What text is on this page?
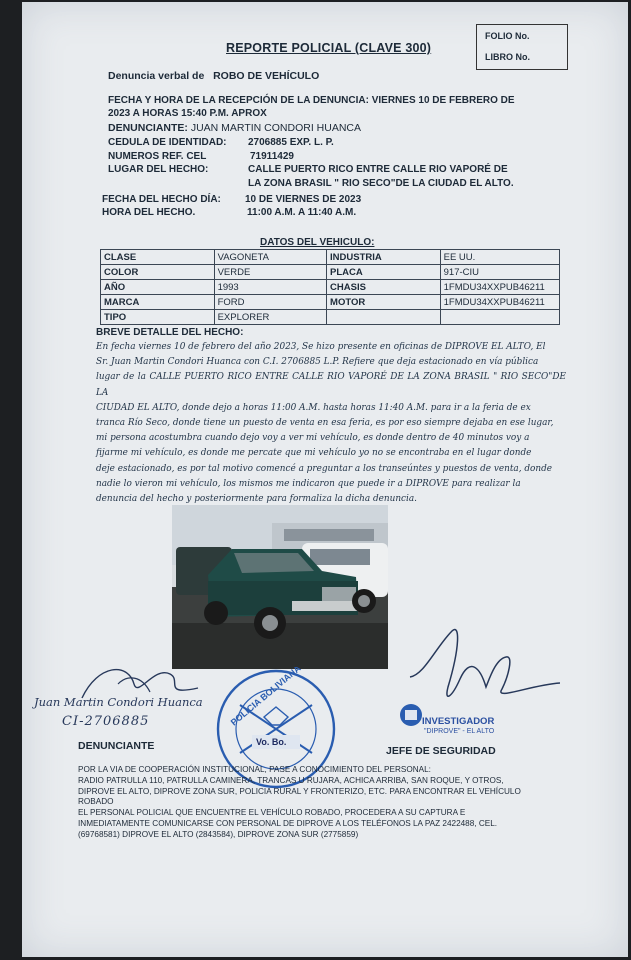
FOLIO No.
LIBRO No.
REPORTE POLICIAL (CLAVE 300)
Denuncia verbal de ROBO DE VEHÍCULO
FECHA Y HORA DE LA RECEPCIÓN DE LA DENUNCIA: VIERNES 10 DE FEBRERO DE
2023 A HORAS 15:40 P.M. APROX
DENUNCIANTE: JUAN MARTIN CONDORI HUANCA
CEDULA DE IDENTIDAD: 2706885 EXP. L. P.
NUMEROS REF. CEL	71911429
LUGAR DEL HECHO:	CALLE PUERTO RICO ENTRE CALLE RIO VAPORÉ DE
LA ZONA BRASIL " RIO SECO"DE LA CIUDAD EL ALTO.
FECHA DEL HECHO DÍA: 10 DE VIERNES DE 2023
HORA DEL HECHO.	11:00 A.M. A 11:40 A.M.
DATOS DEL VEHICULO:
CLASE	VAGONETA	INDUSTRIA	EE UU.
COLOR	VERDE	PLACA	917-CIU
AÑO	1993	CHASIS	1FMDU34XXPUB46211
MARCA	FORD	MOTOR	1FMDU34XXPUB46211
TIPO	EXPLORER		
BREVE DETALLE DEL HECHO:
En fecha viernes 10 de febrero del año 2023, Se hizo presente en oficinas de DIPROVE EL ALTO, El
Sr. Juan Martin Condori Huanca con C.I. 2706885 L.P. Refiere que deja estacionado en vía pública
lugar de la CALLE PUERTO RICO ENTRE CALLE RIO VAPORÉ DE LA ZONA BRASIL " RIO SECO"DE LA
CIUDAD EL ALTO, donde dejo a horas 11:00 A.M. hasta horas 11:40 A.M. para ir a la feria de ex
tranca Río Seco, donde tiene un puesto de venta en esa feria, es por eso siempre dejaba en ese lugar,
mi persona acostumbra cuando dejo voy a ver mi vehículo, es donde dentro de 40 minutos voy a
fijarme mi vehículo, es donde me percate que mi vehículo yo no se encontraba en el lugar donde
deje estacionado, es por tal motivo comencé a preguntar a los transeúntes y puestos de venta, donde
nadie lo vieron mi vehículo, los mismos me indicaron que puede ir a DIPROVE para realizar la
denuncia del hecho y posteriormente para formaliza la dicha denuncia.
Juan Martin Condori Huanca
CI-2706885
DENUNCIANTE
POLICIA BOLIVIANA
Vo. Bo.
INVESTIGADOR
"DIPROVE" - EL ALTO
JEFE DE SEGURIDAD
POR LA VIA DE COOPERACIÓN INSTITUCIONAL, PASE A CONOCIMIENTO DEL PERSONAL:
RADIO PATRULLA 110, PATRULLA CAMINERA, TRANCAS U RUJARA, ACHICA ARRIBA, SAN ROQUE, Y OTROS,
DIPROVE EL ALTO, DIPROVE ZONA SUR, POLICIA RURAL Y FRONTERIZO, ETC. PARA ENCONTRAR EL VEHÍCULO
ROBADO
EL PERSONAL POLICIAL QUE ENCUENTRE EL VEHÍCULO ROBADO, PROCEDERA A SU CAPTURA E
INMEDIATAMENTE COMUNICARSE CON PERSONAL DE DIPROVE A LOS TELÉFONOS LA PAZ 2422488, CEL.
(69768581) DIPROVE EL ALTO (2843584), DIPROVE ZONA SUR (2775859)
